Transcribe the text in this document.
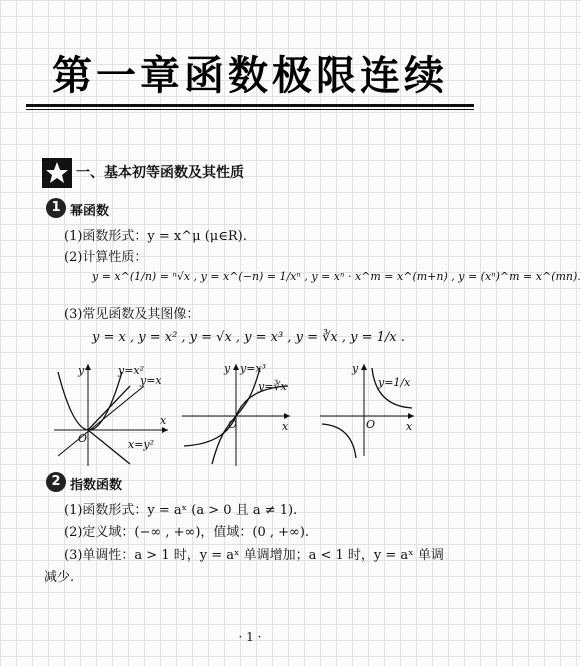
第一章函数极限连续
一、基本初等函数及其性质
1 幂函数
(1)函数形式：y = x^μ (μ∈R).
(2)计算性质：
y = x^(1/n) = ⁿ√x , y = x^(−n) = 1/xⁿ , y = xⁿ · x^m = x^(m+n) , y = (xⁿ)^m = x^(mn).
(3)常见函数及其图像：
y = x , y = x² , y = √x , y = x³ , y = ∛x , y = 1/x .
y
x
O
y=x²
y=x
x=y²
y
x
O
y=x³
y=∛x
y
x
O
y=1/x
2 指数函数
(1)函数形式：y = aˣ (a > 0 且 a ≠ 1).
(2)定义域：(−∞ , +∞)，值域：(0 , +∞).
(3)单调性：a > 1 时，y = aˣ 单调增加；a < 1 时，y = aˣ 单调
减少.
· 1 ·
